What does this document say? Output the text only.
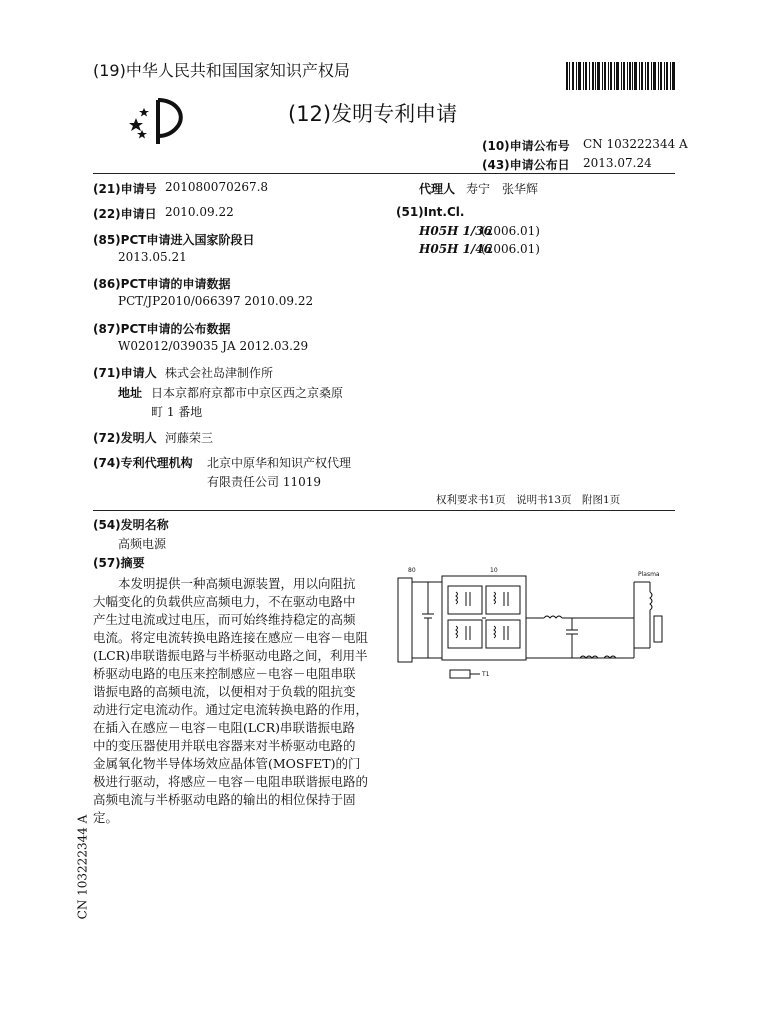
(19)中华人民共和国国家知识产权局
(12)发明专利申请
(10)申请公布号 CN 103222344 A
(43)申请公布日 2013.07.24
(21)申请号 201080070267.8
(22)申请日 2010.09.22
(85)PCT申请进入国家阶段日
2013.05.21
(86)PCT申请的申请数据
PCT/JP2010/066397 2010.09.22
(87)PCT申请的公布数据
W02012/039035 JA 2012.03.29
(71)申请人 株式会社岛津制作所
地址 日本京都府京都市中京区西之京桑原
町 1 番地
(72)发明人 河藤荣三
(74)专利代理机构 北京中原华和知识产权代理
有限责任公司 11019
代理人 寿宁　张华辉
(51)Int.Cl.
H05H 1/36
(2006.01)
H05H 1/46
(2006.01)
权利要求书1页　说明书13页　附图1页
(54)发明名称
高频电源
(57)摘要
　　本发明提供一种高频电源装置，用以向阻抗
大幅变化的负载供应高频电力，不在驱动电路中
产生过电流或过电压，而可始终维持稳定的高频
电流。将定电流转换电路连接在感应－电容－电阻
(LCR)串联谐振电路与半桥驱动电路之间，利用半
桥驱动电路的电压来控制感应－电容－电阻串联
谐振电路的高频电流，以便相对于负载的阻抗变
动进行定电流动作。通过定电流转换电路的作用，
在插入在感应－电容－电阻(LCR)串联谐振电路
中的变压器使用并联电容器来对半桥驱动电路的
金属氧化物半导体场效应晶体管(MOSFET)的门
极进行驱动，将感应－电容－电阻串联谐振电路的
高频电流与半桥驱动电路的输出的相位保持于固
定。
80	10
Plasma
T1
CN 103222344 A
